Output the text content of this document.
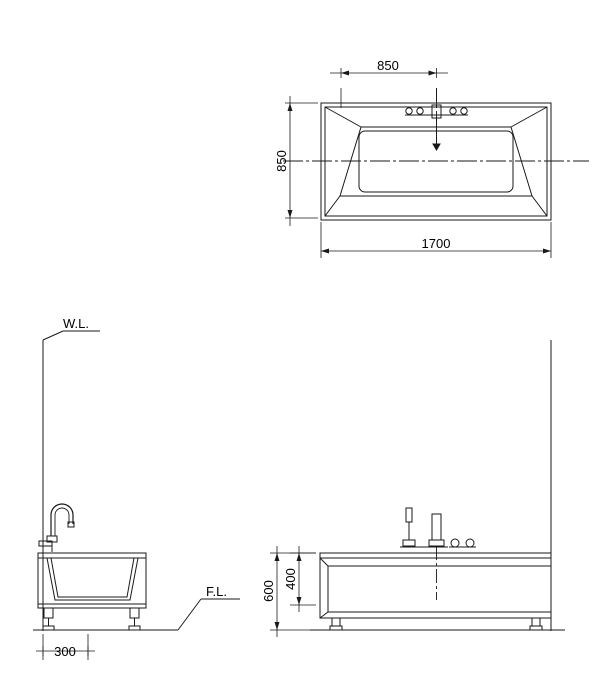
850
850
1700
W.L.
F.L.
300
600
400
